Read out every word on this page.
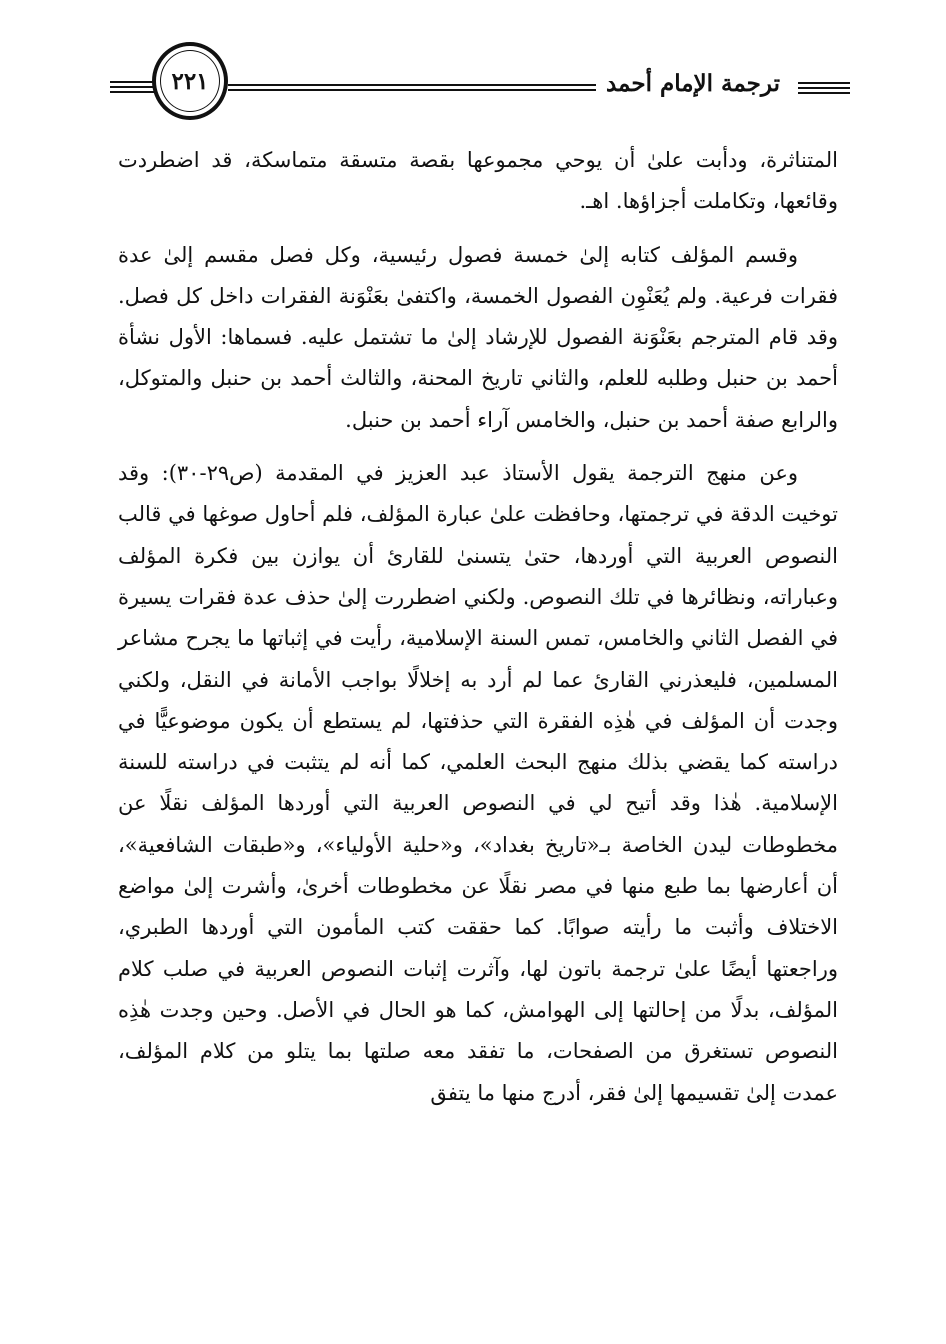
ترجمة الإمام أحمد
٢٢١

المتناثرة، ودأبت علىٰ أن يوحي مجموعها بقصة متسقة متماسكة، قد اضطردت وقائعها، وتكاملت أجزاؤها. اهـ.

وقسم المؤلف كتابه إلىٰ خمسة فصول رئيسية، وكل فصل مقسم إلىٰ عدة فقرات فرعية. ولم يُعَنْوِن الفصول الخمسة، واكتفىٰ بعَنْوَنة الفقرات داخل كل فصل. وقد قام المترجم بعَنْوَنة الفصول للإرشاد إلىٰ ما تشتمل عليه. فسماها: الأول نشأة أحمد بن حنبل وطلبه للعلم، والثاني تاريخ المحنة، والثالث أحمد بن حنبل والمتوكل، والرابع صفة أحمد بن حنبل، والخامس آراء أحمد بن حنبل.

وعن منهج الترجمة يقول الأستاذ عبد العزيز في المقدمة (ص٢٩-٣٠): وقد توخيت الدقة في ترجمتها، وحافظت علىٰ عبارة المؤلف، فلم أحاول صوغها في قالب النصوص العربية التي أوردها، حتىٰ يتسنىٰ للقارئ أن يوازن بين فكرة المؤلف وعباراته، ونظائرها في تلك النصوص. ولكني اضطررت إلىٰ حذف عدة فقرات يسيرة في الفصل الثاني والخامس، تمس السنة الإسلامية، رأيت في إثباتها ما يجرح مشاعر المسلمين، فليعذرني القارئ عما لم أرد به إخلالًا بواجب الأمانة في النقل، ولكني وجدت أن المؤلف في هٰذِه الفقرة التي حذفتها، لم يستطع أن يكون موضوعيًّا في دراسته كما يقضي بذلك منهج البحث العلمي، كما أنه لم يتثبت في دراسته للسنة الإسلامية. هٰذا وقد أتيح لي في النصوص العربية التي أوردها المؤلف نقلًا عن مخطوطات ليدن الخاصة بـ«تاريخ بغداد»، و«حلية الأولياء»، و«طبقات الشافعية»، أن أعارضها بما طبع منها في مصر نقلًا عن مخطوطات أخرىٰ، وأشرت إلىٰ مواضع الاختلاف وأثبت ما رأيته صوابًا. كما حققت كتب المأمون التي أوردها الطبري، وراجعتها أيضًا علىٰ ترجمة باتون لها، وآثرت إثبات النصوص العربية في صلب كلام المؤلف، بدلًا من إحالتها إلى الهوامش، كما هو الحال في الأصل. وحين وجدت هٰذِه النصوص تستغرق من الصفحات، ما تفقد معه صلتها بما يتلو من كلام المؤلف، عمدت إلىٰ تقسيمها إلىٰ فقر، أدرج منها ما يتفق
